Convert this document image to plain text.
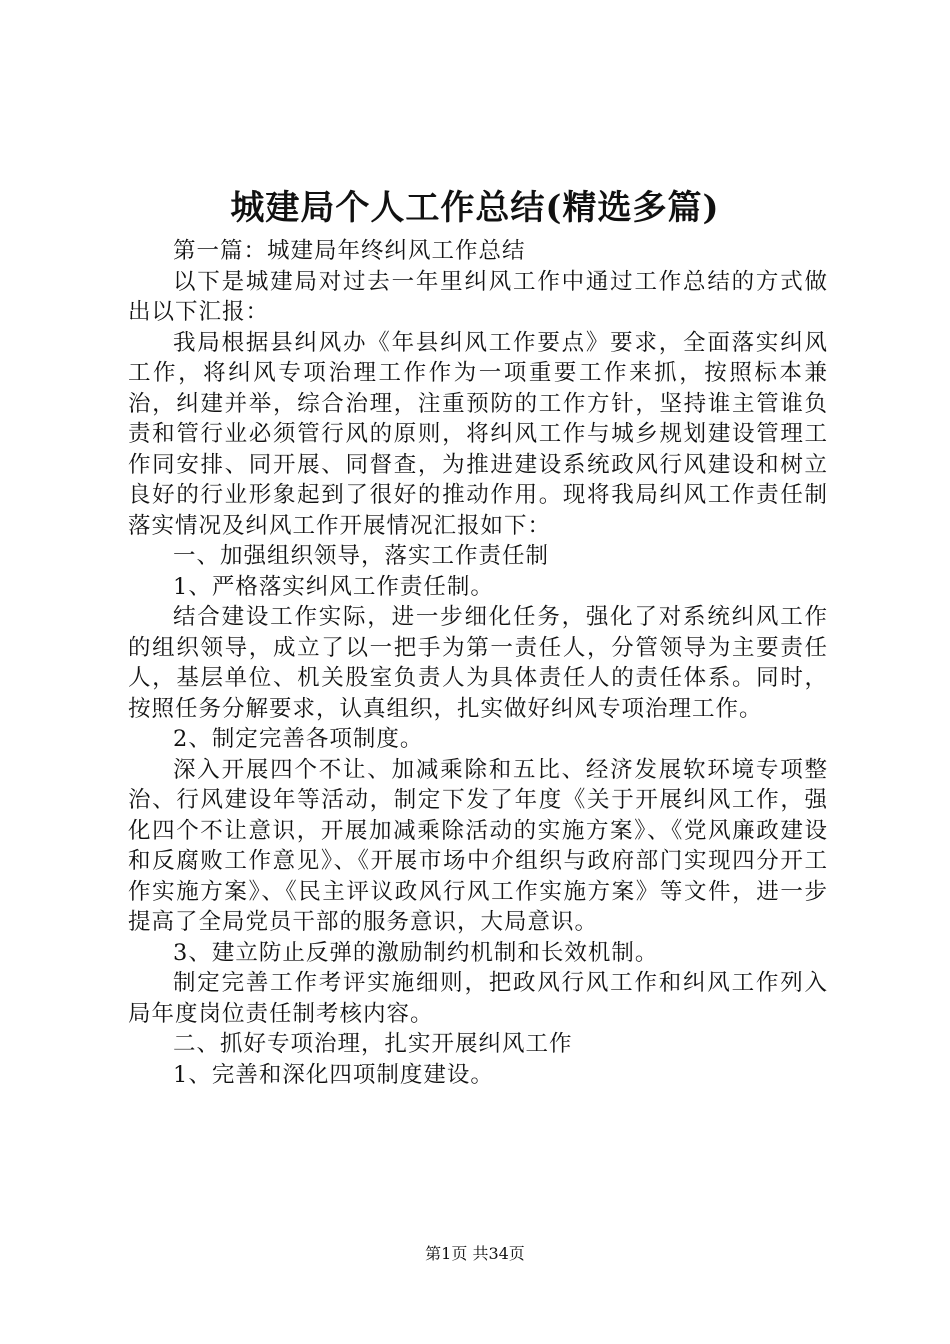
城建局个人工作总结(精选多篇)

第一篇：城建局年终纠风工作总结

以下是城建局对过去一年里纠风工作中通过工作总结的方式做出以下汇报：

我局根据县纠风办《年县纠风工作要点》要求，全面落实纠风工作，将纠风专项治理工作作为一项重要工作来抓，按照标本兼治，纠建并举，综合治理，注重预防的工作方针，坚持谁主管谁负责和管行业必须管行风的原则，将纠风工作与城乡规划建设管理工作同安排、同开展、同督查，为推进建设系统政风行风建设和树立良好的行业形象起到了很好的推动作用。现将我局纠风工作责任制落实情况及纠风工作开展情况汇报如下：

一、加强组织领导，落实工作责任制

1、严格落实纠风工作责任制。

结合建设工作实际，进一步细化任务，强化了对系统纠风工作的组织领导，成立了以一把手为第一责任人，分管领导为主要责任人，基层单位、机关股室负责人为具体责任人的责任体系。同时，按照任务分解要求，认真组织，扎实做好纠风专项治理工作。

2、制定完善各项制度。

深入开展四个不让、加减乘除和五比、经济发展软环境专项整治、行风建设年等活动，制定下发了年度《关于开展纠风工作，强化四个不让意识，开展加减乘除活动的实施方案》、《党风廉政建设和反腐败工作意见》、《开展市场中介组织与政府部门实现四分开工作实施方案》、《民主评议政风行风工作实施方案》等文件，进一步提高了全局党员干部的服务意识，大局意识。

3、建立防止反弹的激励制约机制和长效机制。

制定完善工作考评实施细则，把政风行风工作和纠风工作列入局年度岗位责任制考核内容。

二、抓好专项治理，扎实开展纠风工作

1、完善和深化四项制度建设。

第1页 共34页
